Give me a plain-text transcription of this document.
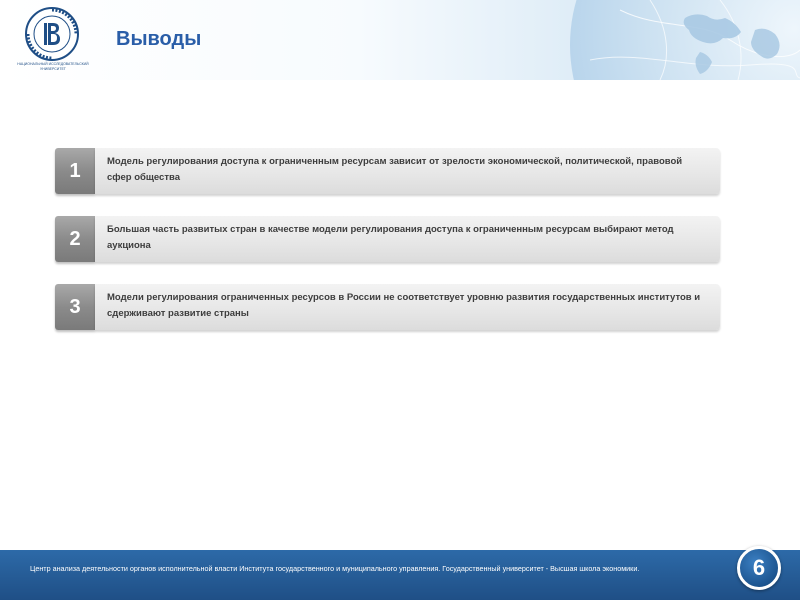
НАЦИОНАЛЬНЫЙ ИССЛЕДОВАТЕЛЬСКИЙ УНИВЕРСИТЕТ
Выводы
1	Модель регулирования доступа к ограниченным ресурсам зависит от зрелости экономической, политической, правовой сфер общества
2	Большая часть развитых стран в качестве модели регулирования доступа к ограниченным ресурсам выбирают метод аукциона
3	Модели регулирования ограниченных ресурсов в России не соответствует уровню развития государственных институтов и сдерживают развитие страны
Центр анализа деятельности органов исполнительной власти Института государственного и муниципального управления. Государственный университет - Высшая школа экономики.	6
